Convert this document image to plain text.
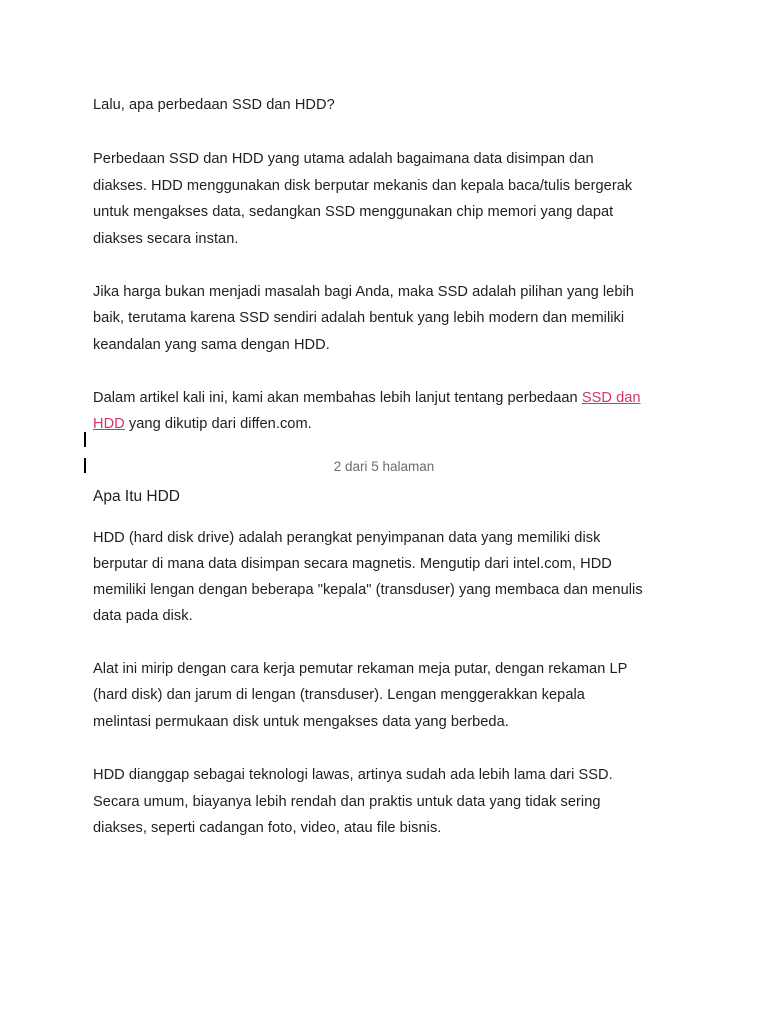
Lalu, apa perbedaan SSD dan HDD?
Perbedaan SSD dan HDD yang utama adalah bagaimana data disimpan dan
diakses. HDD menggunakan disk berputar mekanis dan kepala baca/tulis bergerak
untuk mengakses data, sedangkan SSD menggunakan chip memori yang dapat
diakses secara instan.
Jika harga bukan menjadi masalah bagi Anda, maka SSD adalah pilihan yang lebih
baik, terutama karena SSD sendiri adalah bentuk yang lebih modern dan memiliki
keandalan yang sama dengan HDD.
Dalam artikel kali ini, kami akan membahas lebih lanjut tentang perbedaan SSD dan
HDD yang dikutip dari diffen.com.
2 dari 5 halaman
Apa Itu HDD
HDD (hard disk drive) adalah perangkat penyimpanan data yang memiliki disk
berputar di mana data disimpan secara magnetis. Mengutip dari intel.com, HDD
memiliki lengan dengan beberapa "kepala" (transduser) yang membaca dan menulis
data pada disk.
Alat ini mirip dengan cara kerja pemutar rekaman meja putar, dengan rekaman LP
(hard disk) dan jarum di lengan (transduser). Lengan menggerakkan kepala
melintasi permukaan disk untuk mengakses data yang berbeda.
HDD dianggap sebagai teknologi lawas, artinya sudah ada lebih lama dari SSD.
Secara umum, biayanya lebih rendah dan praktis untuk data yang tidak sering
diakses, seperti cadangan foto, video, atau file bisnis.
